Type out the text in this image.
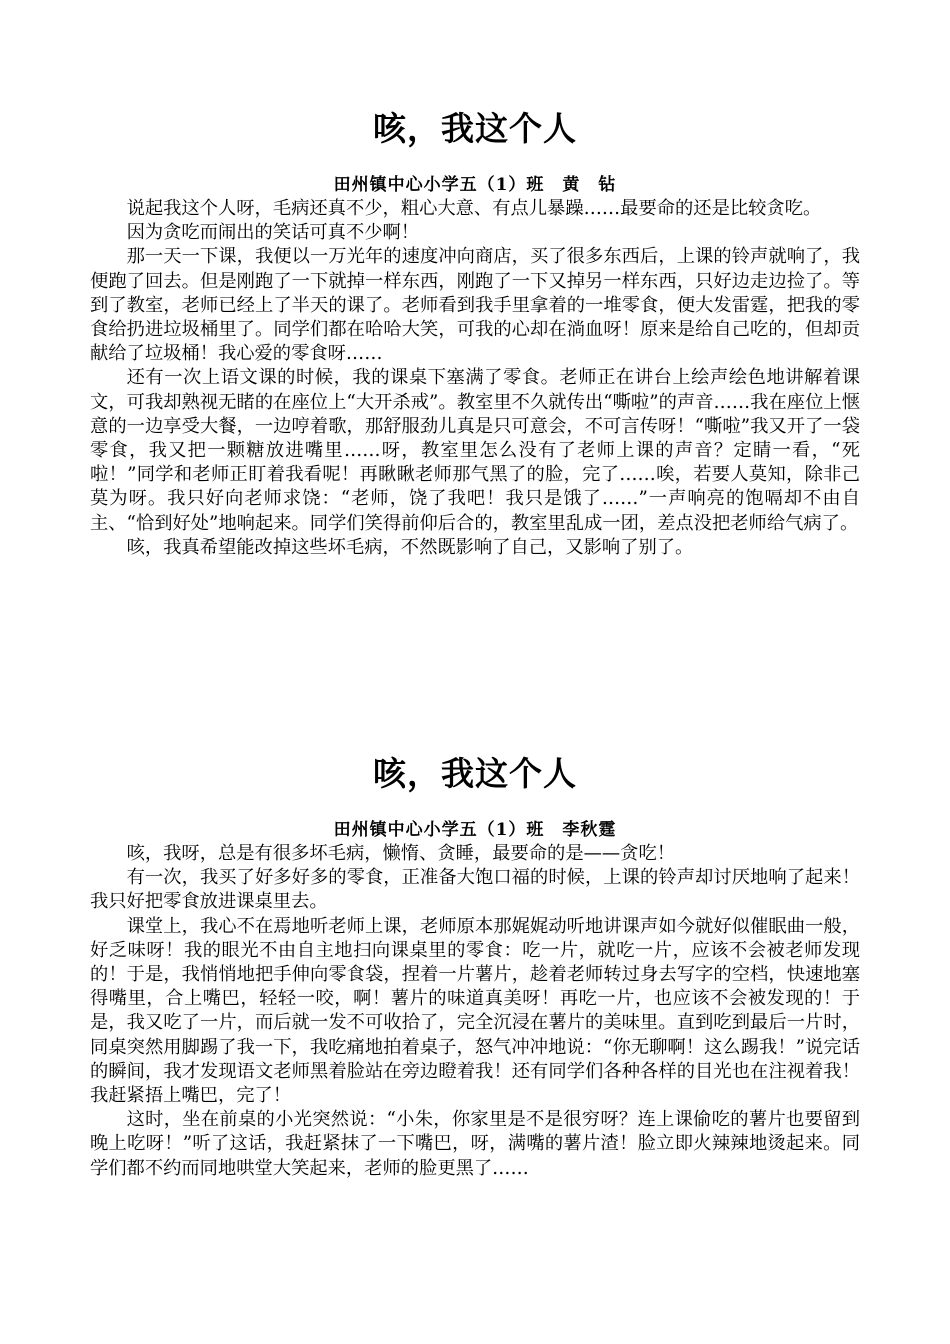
咳，我这个人
田州镇中心小学五（1）班 黄　钻

说起我这个人呀，毛病还真不少，粗心大意、有点儿暴躁……最要命的还是比较贪吃。

因为贪吃而闹出的笑话可真不少啊！

那一天一下课，我便以一万光年的速度冲向商店，买了很多东西后，上课的铃声就响了，我便跑了回去。但是刚跑了一下就掉一样东西，刚跑了一下又掉另一样东西，只好边走边捡了。等到了教室，老师已经上了半天的课了。老师看到我手里拿着的一堆零食，便大发雷霆，把我的零食给扔进垃圾桶里了。同学们都在哈哈大笑，可我的心却在淌血呀！原来是给自己吃的，但却贡献给了垃圾桶！我心爱的零食呀……

还有一次上语文课的时候，我的课桌下塞满了零食。老师正在讲台上绘声绘色地讲解着课文，可我却熟视无睹的在座位上“大开杀戒”。教室里不久就传出“嘶啦”的声音……我在座位上惬意的一边享受大餐，一边哼着歌，那舒服劲儿真是只可意会，不可言传呀！“嘶啦”我又开了一袋零食，我又把一颗糖放进嘴里……呀，教室里怎么没有了老师上课的声音？定睛一看，“死啦！”同学和老师正盯着我看呢！再瞅瞅老师那气黑了的脸，完了……唉，若要人莫知，除非己莫为呀。我只好向老师求饶：“老师，饶了我吧！我只是饿了……”一声响亮的饱嗝却不由自主、“恰到好处”地响起来。同学们笑得前仰后合的，教室里乱成一团，差点没把老师给气病了。

咳，我真希望能改掉这些坏毛病，不然既影响了自己，又影响了别了。

咳，我这个人
田州镇中心小学五（1）班 李秋霆

咳，我呀，总是有很多坏毛病，懒惰、贪睡，最要命的是——贪吃！

有一次，我买了好多好多的零食，正准备大饱口福的时候，上课的铃声却讨厌地响了起来！我只好把零食放进课桌里去。

课堂上，我心不在焉地听老师上课，老师原本那娓娓动听地讲课声如今就好似催眠曲一般，好乏味呀！我的眼光不由自主地扫向课桌里的零食：吃一片，就吃一片，应该不会被老师发现的！于是，我悄悄地把手伸向零食袋，捏着一片薯片，趁着老师转过身去写字的空档，快速地塞得嘴里，合上嘴巴，轻轻一咬，啊！薯片的味道真美呀！再吃一片，也应该不会被发现的！于是，我又吃了一片，而后就一发不可收拾了，完全沉浸在薯片的美味里。直到吃到最后一片时，同桌突然用脚踢了我一下，我吃痛地拍着桌子，怒气冲冲地说：“你无聊啊！这么踢我！”说完话的瞬间，我才发现语文老师黑着脸站在旁边瞪着我！还有同学们各种各样的目光也在注视着我！我赶紧捂上嘴巴，完了！

这时，坐在前桌的小光突然说：“小朱，你家里是不是很穷呀？连上课偷吃的薯片也要留到晚上吃呀！”听了这话，我赶紧抹了一下嘴巴，呀，满嘴的薯片渣！脸立即火辣辣地烫起来。同学们都不约而同地哄堂大笑起来，老师的脸更黑了……
